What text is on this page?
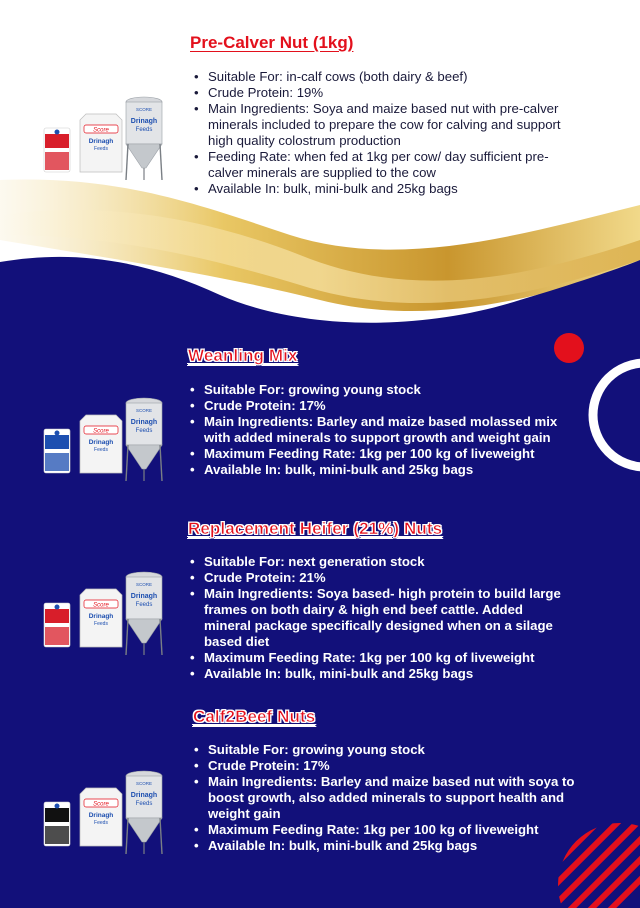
Pre-Calver Nut (1kg)
• Suitable For: in-calf cows (both dairy & beef)
• Crude Protein: 19%
• Main Ingredients: Soya and maize based nut with pre-calver minerals included to prepare the cow for calving and support high quality colostrum production
• Feeding Rate: when fed at 1kg per cow/ day sufficient pre-calver minerals are supplied to the cow
• Available In: bulk, mini-bulk and 25kg bags
Weanling Mix
• Suitable For: growing young stock
• Crude Protein: 17%
• Main Ingredients: Barley and maize based molassed mix with added minerals to support growth and weight gain
• Maximum Feeding Rate: 1kg per 100 kg of liveweight
• Available In: bulk, mini-bulk and 25kg bags
Replacement Heifer (21%) Nuts
• Suitable For: next generation stock
• Crude Protein: 21%
• Main Ingredients: Soya based- high protein to build large frames on both dairy & high end beef cattle. Added mineral package specifically designed when on a silage based diet
• Maximum Feeding Rate: 1kg per 100 kg of liveweight
• Available In: bulk, mini-bulk and 25kg bags
Calf2Beef Nuts
• Suitable For: growing young stock
• Crude Protein: 17%
• Main Ingredients: Barley and maize based nut with soya to boost growth, also added minerals to support health and weight gain
• Maximum Feeding Rate: 1kg per 100 kg of liveweight
• Available In: bulk, mini-bulk and 25kg bags
Score
Drinagh
Feeds
SCORE
Drinagh
Feeds
Score
Drinagh
Feeds
SCORE
Drinagh
Feeds
Score
Drinagh
Feeds
SCORE
Drinagh
Feeds
Score
Drinagh
Feeds
SCORE
Drinagh
Feeds
